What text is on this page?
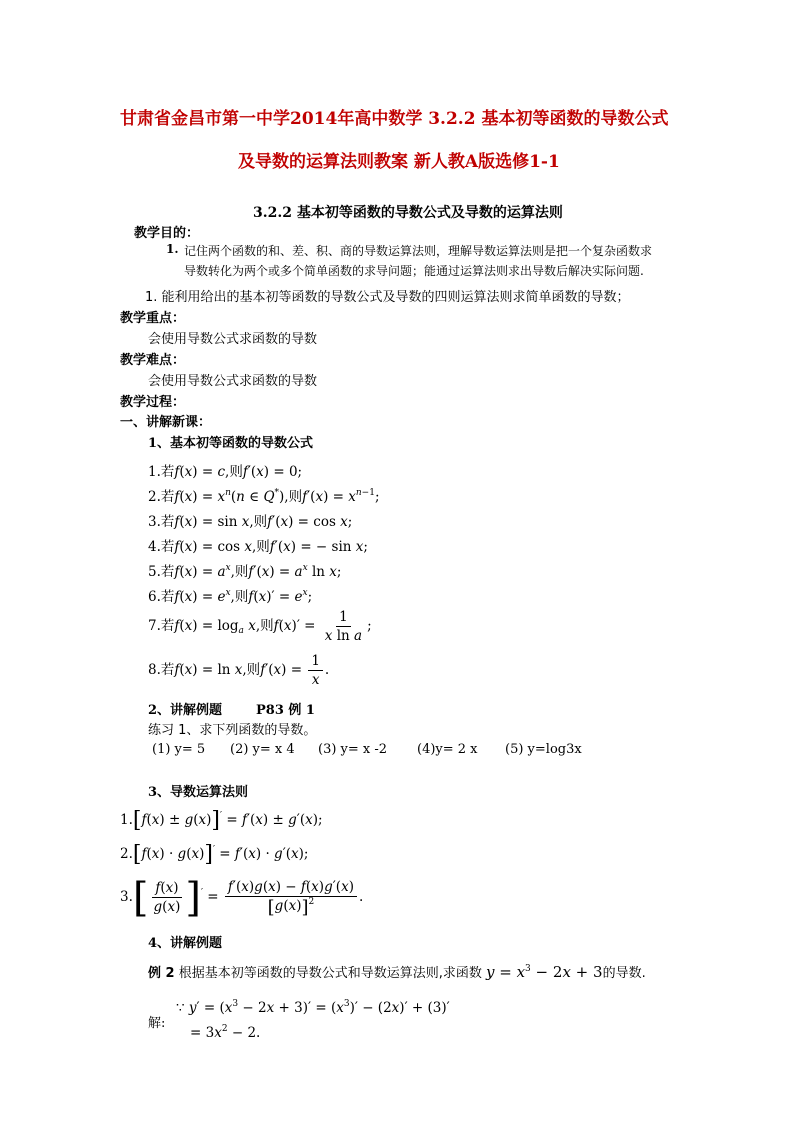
甘肃省金昌市第一中学2014年高中数学 3.2.2 基本初等函数的导数公式
及导数的运算法则教案 新人教A版选修1-1
3.2.2 基本初等函数的导数公式及导数的运算法则
教学目的：
1. 记住两个函数的和、差、积、商的导数运算法则，理解导数运算法则是把一个复杂函数求
导数转化为两个或多个简单函数的求导问题；能通过运算法则求出导数后解决实际问题.
1. 能利用给出的基本初等函数的导数公式及导数的四则运算法则求简单函数的导数；
教学重点：
会使用导数公式求函数的导数
教学难点：
会使用导数公式求函数的导数
教学过程：
一、讲解新课：
1、基本初等函数的导数公式
1.若f(x) = c,则f′(x) = 0;
2.若$f(x) = x^n(n$ ∈ Q*),则$f'(x) = x^{n-1}$;
3.若f(x) = sin x,则f′(x) = cos x;
4.若f(x) = cos x,则f′(x) = − sin x;
5.若$f(x) = a^x$,则$f'(x) = a^x$ ln x;
6.若$f(x) = e^x$,则$f(x)' = e^x$;
7.若$f(x) = \log_a x$,则$f(x)' = \frac{1}{\text{x ln a}}$ ;
8.若f(x) = ln x,则$f'(x) = \frac{1}{x}$ .
2、讲解例题	P83 例 1
练习 1、求下列函数的导数。
(1) y= 5 (2) y= x 4 (3) y= x -2 (4)y= 2 x (5) y=log3x
3、导数运算法则
1.[f(x) ± g(x)]′ = f′(x) ± g′(x);
2.[f(x) · g(x)]′ = f′(x) · g′(x);
$3.[ \frac{f(x)}{g(x)} ]' = \frac{f'(x)g(x) - f(x)g'(x)}{[g(x)]^2}$ .
4、讲解例题
例 2 根据基本初等函数的导数公式和导数运算法则,求函数 $y = x^3 - 2x + 3$的导数.
解:
∵ $y' = (x^3 - 2x + 3)' = (x^3)' - (2x)' + (3)'$
= $3x^2 - 2$.
